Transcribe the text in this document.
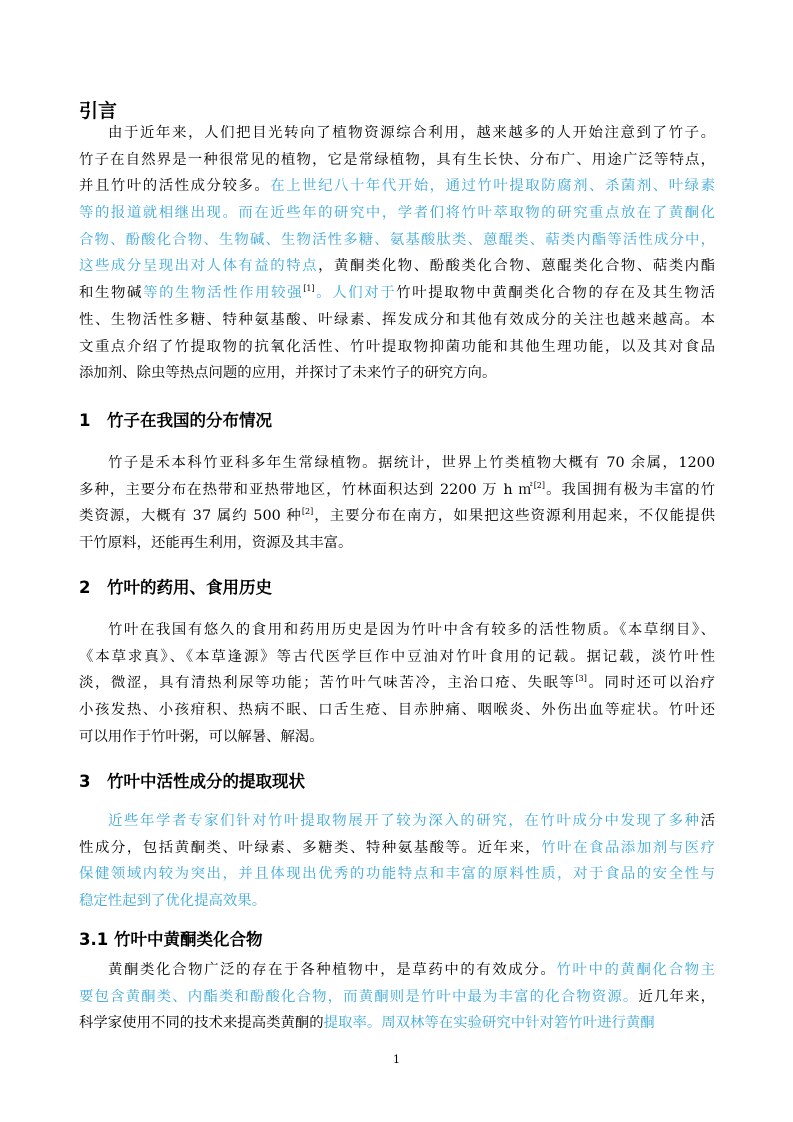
引言
由于近年来，人们把目光转向了植物资源综合利用，越来越多的人开始注意到了竹子。
竹子在自然界是一种很常见的植物，它是常绿植物，具有生长快、分布广、用途广泛等特点，
并且竹叶的活性成分较多。在上世纪八十年代开始，通过竹叶提取防腐剂、杀菌剂、叶绿素
等的报道就相继出现。而在近些年的研究中，学者们将竹叶萃取物的研究重点放在了黄酮化
合物、酚酸化合物、生物碱、生物活性多糖、氨基酸肽类、蒽醌类、萜类内酯等活性成分中，
这些成分呈现出对人体有益的特点，黄酮类化物、酚酸类化合物、蒽醌类化合物、萜类内酯
和生物碱等的生物活性作用较强[1]。人们对于竹叶提取物中黄酮类化合物的存在及其生物活
性、生物活性多糖、特种氨基酸、叶绿素、挥发成分和其他有效成分的关注也越来越高。本
文重点介绍了竹提取物的抗氧化活性、竹叶提取物抑菌功能和其他生理功能，以及其对食品
添加剂、除虫等热点问题的应用，并探讨了未来竹子的研究方向。
1 竹子在我国的分布情况
竹子是禾本科竹亚科多年生常绿植物。据统计，世界上竹类植物大概有 70 余属，1200
多种，主要分布在热带和亚热带地区，竹林面积达到 2200 万 h ㎡[2]。我国拥有极为丰富的竹
类资源，大概有 37 属约 500 种[2]，主要分布在南方，如果把这些资源利用起来，不仅能提供
干竹原料，还能再生利用，资源及其丰富。
2 竹叶的药用、食用历史
竹叶在我国有悠久的食用和药用历史是因为竹叶中含有较多的活性物质。《本草纲目》、
《本草求真》、《本草逢源》等古代医学巨作中豆油对竹叶食用的记载。据记载，淡竹叶性
淡，微涩，具有清热利尿等功能；苦竹叶气味苦冷，主治口疮、失眠等[3]。同时还可以治疗
小孩发热、小孩疳积、热病不眠、口舌生疮、目赤肿痛、咽喉炎、外伤出血等症状。竹叶还
可以用作于竹叶粥，可以解暑、解渴。
3 竹叶中活性成分的提取现状
近些年学者专家们针对竹叶提取物展开了较为深入的研究，在竹叶成分中发现了多种活
性成分，包括黄酮类、叶绿素、多糖类、特种氨基酸等。近年来，竹叶在食品添加剂与医疗
保健领域内较为突出，并且体现出优秀的功能特点和丰富的原料性质，对于食品的安全性与
稳定性起到了优化提高效果。
3.1 竹叶中黄酮类化合物
黄酮类化合物广泛的存在于各种植物中，是草药中的有效成分。竹叶中的黄酮化合物主
要包含黄酮类、内酯类和酚酸化合物，而黄酮则是竹叶中最为丰富的化合物资源。近几年来，
科学家使用不同的技术来提高类黄酮的提取率。周双林等在实验研究中针对箬竹叶进行黄酮

1
